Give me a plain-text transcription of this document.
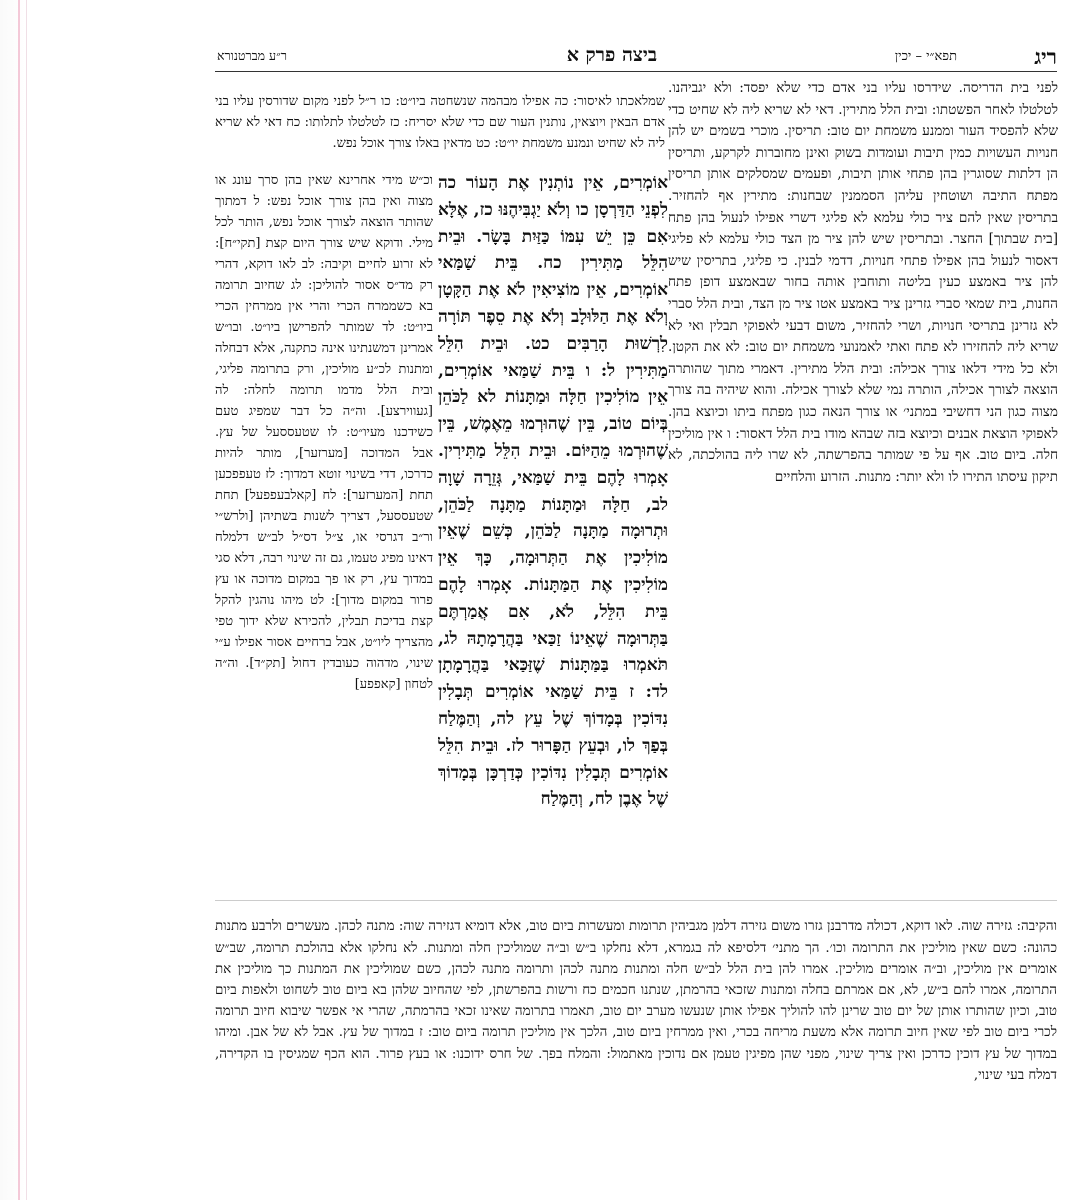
ריג
תפא״י – יכין
ביצה פרק א
ר״ע מברטנורא

לפני בית הדריסה. שידרסו עליו בני אדם כדי שלא יפסד: ולא יגביהנו. לטלטלו לאחר הפשטתו: ובית הלל מתירין. דאי לא שריא ליה לא שחיט כדי שלא להפסיד העור וממנע משמחת יום טוב: תריסין. מוכרי בשמים יש להן חנויות העשויות כמין תיבות ועומדות בשוק ואינן מחוברות לקרקע, ותריסין הן דלתות שסוגרין בהן פתחי אותן תיבות, ופעמים שמסלקים אותן תריסין מפתח התיבה ושוטחין עליהן הסממנין שבחנות: מתירין אף להחזיר. בתריסין שאין להם ציר כולי עלמא לא פליגי דשרי אפילו לנעול בהן פתח [בית שבתוך] החצר. ובתריסין שיש להן ציר מן הצד כולי עלמא לא פליגי דאסור לנעול בהן אפילו פתחי חנויות, דדמי לבנין. כי פליגי, בתריסין שיש להן ציר באמצע כעין בליטה ותוחבין אותה בחור שבאמצע דופן פתח החנות, בית שמאי סברי גזרינן ציר באמצע אטו ציר מן הצד, ובית הלל סברי לא גזרינן בתריסי חנויות, ושרי להחזיר, משום דבעי לאפוקי תבלין ואי לא שריא ליה להחזירו לא פתח ואתי לאמנועי משמחת יום טוב: לא את הקטן. ולא כל מידי דלאו צורך אכילה: ובית הלל מתירין. דאמרי מתוך שהותרה הוצאה לצורך אכילה, הותרה נמי שלא לצורך אכילה. והוא שיהיה בה צורך מצוה כגון הני דחשיבי במתני׳ או צורך הנאה כגון מפתח ביתו וכיוצא בהן. לאפוקי הוצאת אבנים וכיוצא בזה שבהא מודו בית הלל דאסור: ו אין מוליכין חלה. ביום טוב. אף על פי שמותר בהפרשתה, לא שרו ליה בהולכתה, לא תיקון עיסתו התירו לו ולא יותר: מתנות. הזרוע והלחיים

שמלאכתו לאיסור: כה אפילו מבהמה שנשחטה ביו״ט: כו ר״ל לפני מקום שדורסין עליו בני אדם הבאין ויוצאין, נותנין העור שם כדי שלא יסריח: כז לטלטלו לתלותו: כח דאי לא שריא ליה לא שחיט ונמנע משמחת יו״ט: כט מדאין באלו צורך אוכל נפש.

אוֹמְרִים, אֵין נוֹתְנִין אֶת הָעוֹר כה לִפְנֵי הַדַּרְסָן כו וְלֹא יַגְבִּיהֶנּוּ כז, אֶלָּא אִם כֵּן יֵשׁ עִמּוֹ כַּזַּיִת בָּשָׂר. וּבֵית הִלֵּל מַתִּירִין כח. בֵּית שַׁמַּאי אוֹמְרִים, אֵין מוֹצִיאִין לֹא אֶת הַקָּטָן וְלֹא אֶת הַלּוּלָב וְלֹא אֶת סֵפֶר תּוֹרָה לִרְשׁוּת הָרַבִּים כט. וּבֵית הִלֵּל מַתִּירִין ל: ו בֵּית שַׁמַּאי אוֹמְרִים, אֵין מוֹלִיכִין חַלָּה וּמַתָּנוֹת לא לַכֹּהֵן בְּיוֹם טוֹב, בֵּין שֶׁהוּרְמוּ מֵאֶמֶשׁ, בֵּין שֶׁהוּרְמוּ מֵהַיּוֹם. וּבֵית הִלֵּל מַתִּירִין. אָמְרוּ לָהֶם בֵּית שַׁמַּאי, גְּזֵרָה שָׁוָה לב, חַלָּה וּמַתָּנוֹת מַתָּנָה לַכֹּהֵן, וּתְרוּמָה מַתָּנָה לַכֹּהֵן, כְּשֵׁם שֶׁאֵין מוֹלִיכִין אֶת הַתְּרוּמָה, כָּךְ אֵין מוֹלִיכִין אֶת הַמַּתָּנוֹת. אָמְרוּ לָהֶם בֵּית הִלֵּל, לֹא, אִם אֲמַרְתֶּם בַּתְּרוּמָה שֶׁאֵינוֹ זַכַּאי בַּהֲרָמָתָהּ לג, תֹּאמְרוּ בַּמַּתָּנוֹת שֶׁזַּכַּאי בַּהֲרָמָתָן לד: ז בֵּית שַׁמַּאי אוֹמְרִים תְּבָלִין נִדּוֹכִין בְּמָדוֹךְ שֶׁל עֵץ לה, וְהַמֶּלַח בְּפַךְ לו, וּבְעֵץ הַפָּרוּר לז. וּבֵית הִלֵּל אוֹמְרִים תְּבָלִין נִדּוֹכִין כְּדַרְכָּן בְּמָדוֹךְ שֶׁל אֶבֶן לח, וְהַמֶּלַח

וכ״ש מידי אחרינא שאין בהן סרך עונג או מצוה ואין בהן צורך אוכל נפש: ל דמתוך שהותר הוצאה לצורך אוכל נפש, הותר לכל מילי. ודוקא שיש צורך היום קצת [תקי״ח]: לא זרוע לחיים וקיבה: לב לאו דוקא, דהרי רק מד״ס אסור להוליכן: לג שחיוב תרומה בא כשממרח הכרי והרי אין ממרחין הכרי ביו״ט: לד שמותר להפרישן ביו״ט. ובו״ש אמרינן דמשנתינו אינה כתקנה, אלא דבחלה ומתנות לכ״ע מוליכין, ורק בתרומה פליגי, ובית הלל מדמו תרומה לחלה: לה [געווירצע]. וה״ה כל דבר שמפיג טעם כשידכנו מעיו״ט: לו שטעססעל של עץ. אבל המדוכה [מערזער], מותר להיות כדרכו, דדי בשינוי זוטא דמדוך: לז טעפפכען תחת [המערזער]: לח [קאלבעפפעל] תחת שטעססעל, דצריך לשנות בשתיהן [ולרש״י ור״ב דגרסי או, צ״ל דס״ל לב״ש דלמלח דאינו מפיג טעמו, גם זה שינוי רבה, דלא סגי במדוך עץ, רק או פך במקום מדוכה או עץ פרור במקום מדוך]: לט מיהו נוהגין להקל קצת בדיכת תבלין, להכירא שלא ידוך טפי מהצריך ליו״ט, אבל ברחיים אסור אפילו ע״י שינוי, מדהוה כעובדין דחול [תק״ד]. וה״ה לטחון [קאפפע]

והקיבה: גזירה שוה. לאו דוקא, דכולה מדרבנן גזרו משום גזירה דלמן מגביהין תרומות ומעשרות ביום טוב, אלא דומיא דגזירה שוה: מתנה לכהן. מעשרים ולרבע מתנות כהונה: כשם שאין מוליכין את התרומה וכו׳. הך מתני׳ דלסיפא לה בגמרא, דלא נחלקו ב״ש וב״ה שמוליכין חלה ומתנות. לא נחלקו אלא בהולכת תרומה, שב״ש אומרים אין מוליכין, וב״ה אומרים מוליכין. אמרו להן בית הלל לב״ש חלה ומתנות מתנה לכהן ותרומה מתנה לכהן, כשם שמוליכין את המתנות כך מוליכין את התרומה, אמרו להם ב״ש, לא, אם אמרתם בחלה ומתנות שזכאי בהרמתן, שנתנו חכמים כח ורשות בהפרשתן, לפי שהחיוב שלהן בא ביום טוב לשחוט ולאפות ביום טוב, וכיון שהותרו אותן של יום טוב שרינן להו להוליך אפילו אותן שנעשו מערב יום טוב, תאמרו בתרומה שאינו זכאי בהרמתה, שהרי אי אפשר שיבוא חיוב תרומה לכרי ביום טוב לפי שאין חיוב תרומה אלא משעת מריחה בכרי, ואין ממרחין ביום טוב, הלכך אין מוליכין תרומה ביום טוב: ז במדוך של עץ. אבל לא של אבן. ומיהו במדוך של עץ דוכין כדרכן ואין צריך שינוי, מפני שהן מפיגין טעמן אם נדוכין מאתמול: והמלח בפך. של חרס ידוכנו: או בעץ פרור. הוא הכף שמגיסין בו הקדירה, דמלח בעי שינוי,
